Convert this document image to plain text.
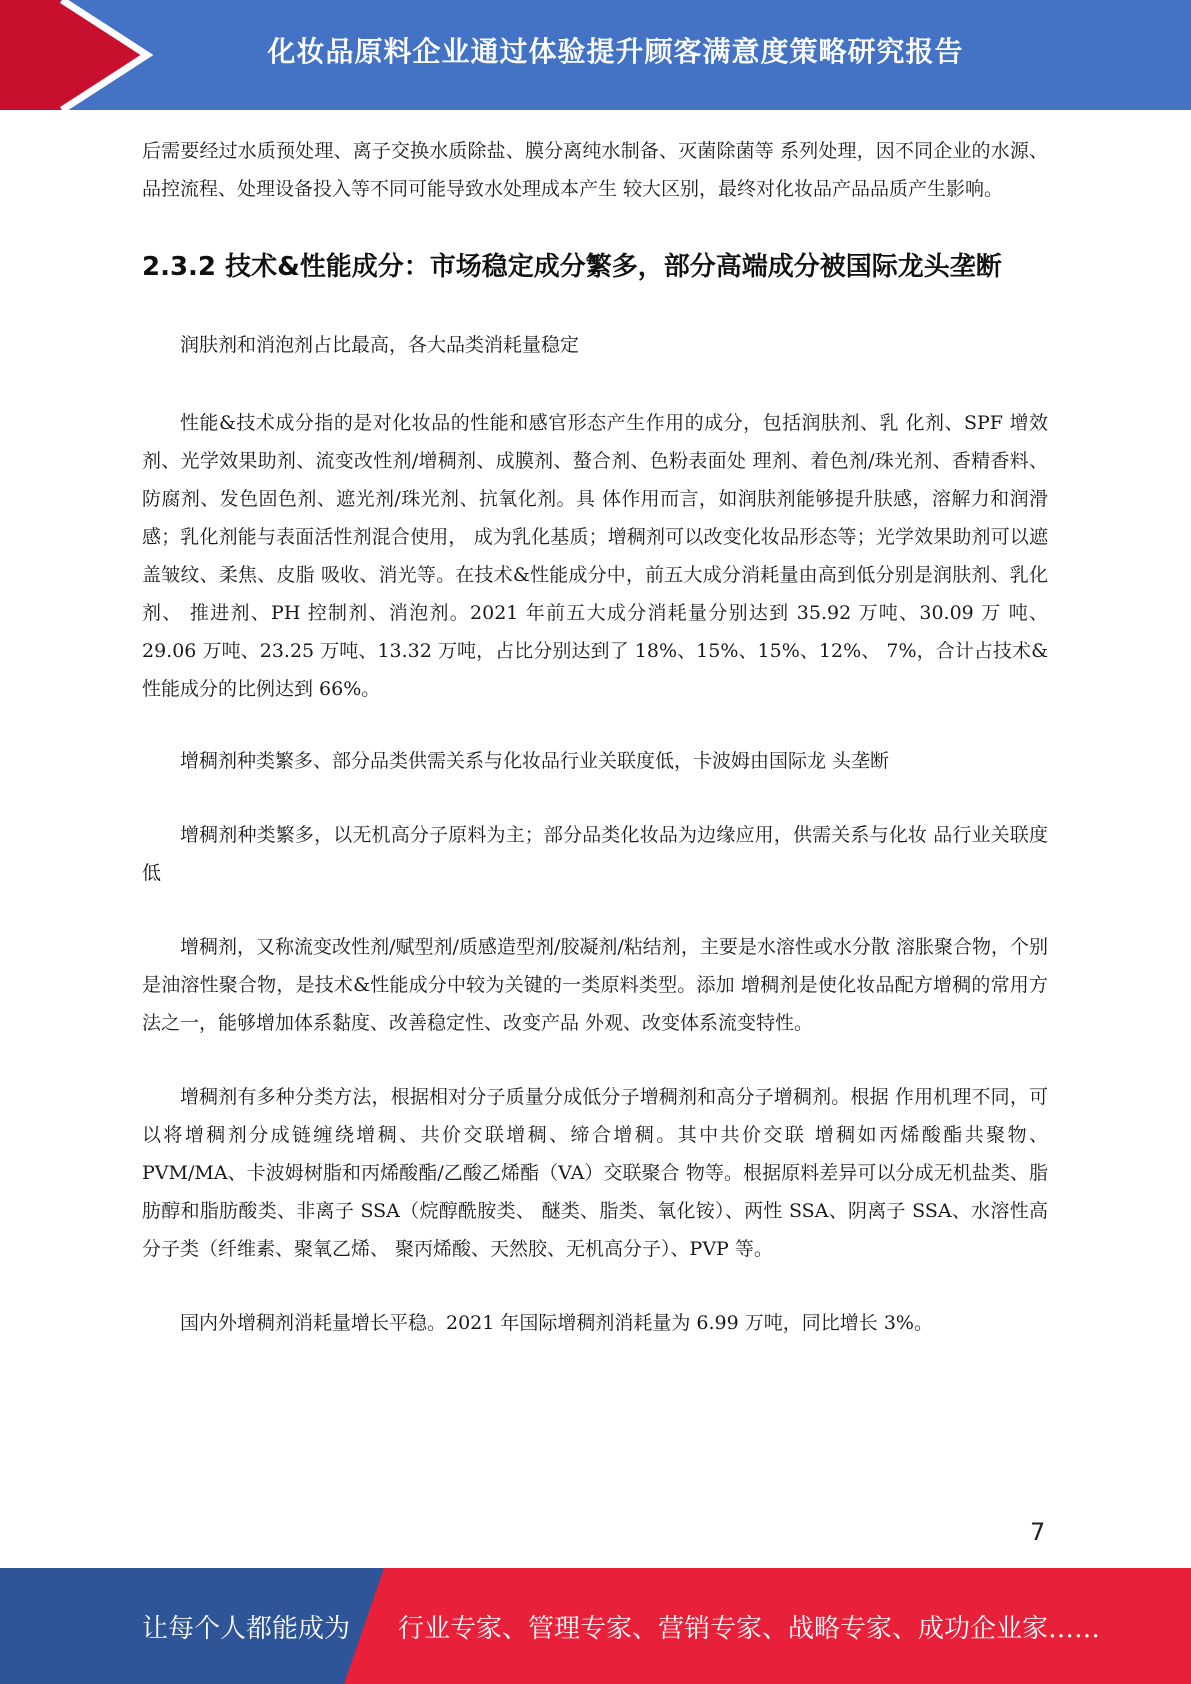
化妆品原料企业通过体验提升顾客满意度策略研究报告

后需要经过水质预处理、离子交换水质除盐、膜分离纯水制备、灭菌除菌等 系列处理，因不同企业的水源、品控流程、处理设备投入等不同可能导致水处理成本产生 较大区别，最终对化妆品产品品质产生影响。

2.3.2 技术&性能成分：市场稳定成分繁多，部分高端成分被国际龙头垄断

润肤剂和消泡剂占比最高，各大品类消耗量稳定

性能&技术成分指的是对化妆品的性能和感官形态产生作用的成分，包括润肤剂、乳 化剂、SPF 增效剂、光学效果助剂、流变改性剂/增稠剂、成膜剂、螯合剂、色粉表面处 理剂、着色剂/珠光剂、香精香料、防腐剂、发色固色剂、遮光剂/珠光剂、抗氧化剂。具 体作用而言，如润肤剂能够提升肤感，溶解力和润滑感；乳化剂能与表面活性剂混合使用， 成为乳化基质；增稠剂可以改变化妆品形态等；光学效果助剂可以遮盖皱纹、柔焦、皮脂 吸收、消光等。在技术&性能成分中，前五大成分消耗量由高到低分别是润肤剂、乳化剂、 推进剂、PH 控制剂、消泡剂。2021 年前五大成分消耗量分别达到 35.92 万吨、30.09 万 吨、29.06 万吨、23.25 万吨、13.32 万吨，占比分别达到了 18%、15%、15%、12%、 7%，合计占技术&性能成分的比例达到 66%。

增稠剂种类繁多、部分品类供需关系与化妆品行业关联度低，卡波姆由国际龙 头垄断

增稠剂种类繁多，以无机高分子原料为主；部分品类化妆品为边缘应用，供需关系与化妆 品行业关联度低

增稠剂，又称流变改性剂/赋型剂/质感造型剂/胶凝剂/粘结剂，主要是水溶性或水分散 溶胀聚合物，个别是油溶性聚合物，是技术&性能成分中较为关键的一类原料类型。添加 增稠剂是使化妆品配方增稠的常用方法之一，能够增加体系黏度、改善稳定性、改变产品 外观、改变体系流变特性。

增稠剂有多种分类方法，根据相对分子质量分成低分子增稠剂和高分子增稠剂。根据 作用机理不同，可以将增稠剂分成链缠绕增稠、共价交联增稠、缔合增稠。其中共价交联 增稠如丙烯酸酯共聚物、PVM/MA、卡波姆树脂和丙烯酸酯/乙酸乙烯酯（VA）交联聚合 物等。根据原料差异可以分成无机盐类、脂肪醇和脂肪酸类、非离子 SSA（烷醇酰胺类、 醚类、脂类、氧化铵）、两性 SSA、阴离子 SSA、水溶性高分子类（纤维素、聚氧乙烯、 聚丙烯酸、天然胶、无机高分子）、PVP 等。

国内外增稠剂消耗量增长平稳。2021 年国际增稠剂消耗量为 6.99 万吨，同比增长 3%。

7
让每个人都能成为 行业专家、管理专家、营销专家、战略专家、成功企业家……
